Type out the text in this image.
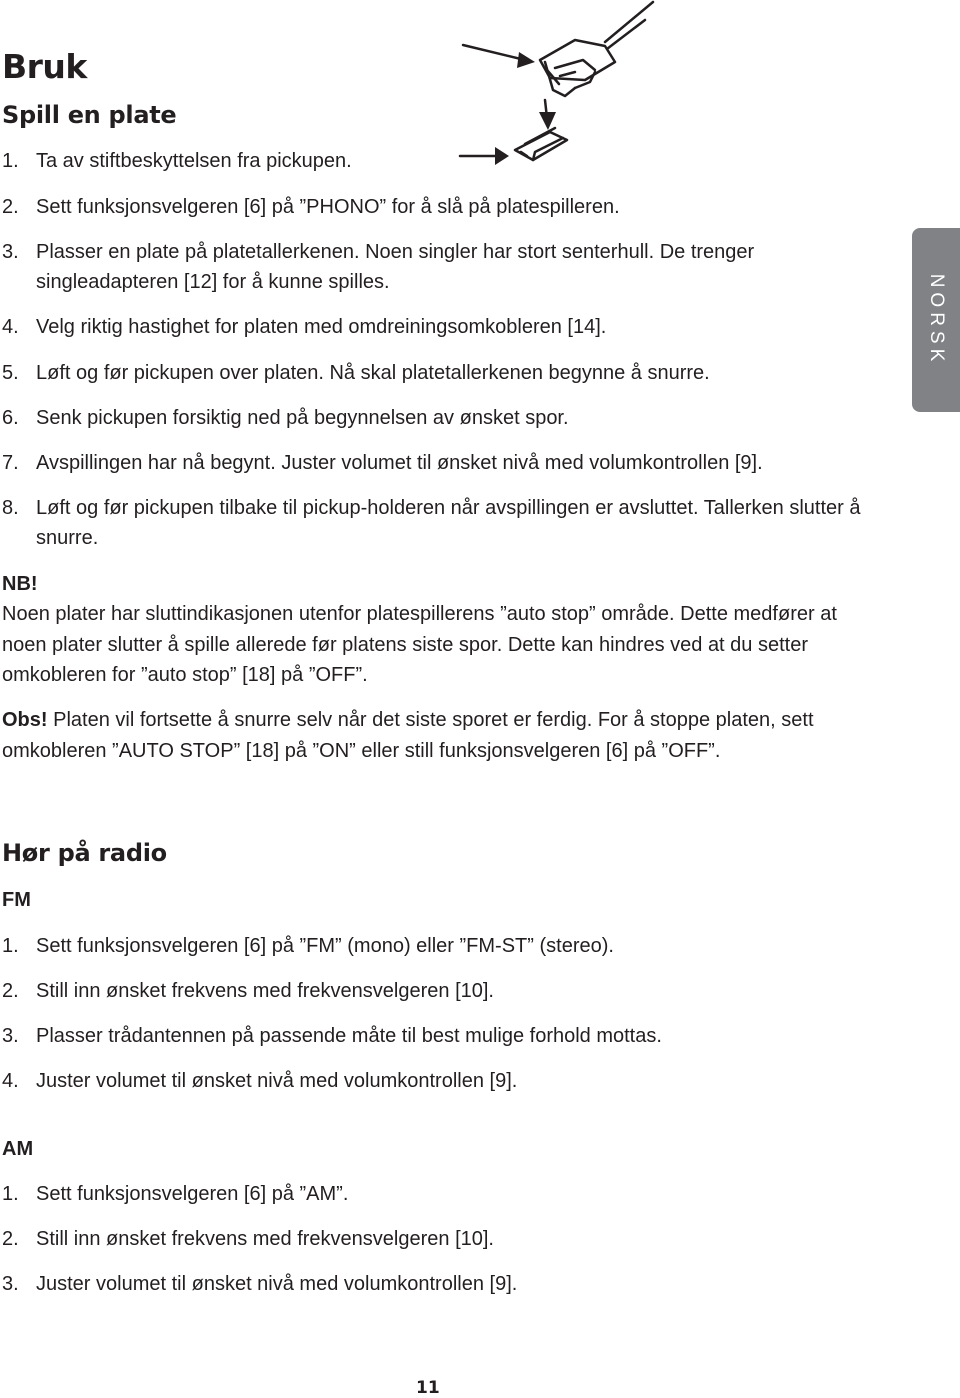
Bruk
Spill en plate
1. Ta av stiftbeskyttelsen fra pickupen.
2. Sett funksjonsvelgeren [6] på ”PHONO” for å slå på platespilleren.
3. Plasser en plate på platetallerkenen. Noen singler har stort senterhull. De trenger singleadapteren [12] for å kunne spilles.
4. Velg riktig hastighet for platen med omdreiningsomkobleren [14].
5. Løft og før pickupen over platen. Nå skal platetallerkenen begynne å snurre.
6. Senk pickupen forsiktig ned på begynnelsen av ønsket spor.
7. Avspillingen har nå begynt. Juster volumet til ønsket nivå med volumkontrollen [9].
8. Løft og før pickupen tilbake til pickup-holderen når avspillingen er avsluttet. Tallerken slutter å snurre.
NB!
Noen plater har sluttindikasjonen utenfor platespillerens ”auto stop” område. Dette medfører at noen plater slutter å spille allerede før platens siste spor. Dette kan hindres ved at du setter omkobleren for ”auto stop” [18] på ”OFF”.
Obs! Platen vil fortsette å snurre selv når det siste sporet er ferdig. For å stoppe platen, sett omkobleren ”AUTO STOP” [18] på ”ON” eller still funksjonsvelgeren [6] på ”OFF”.
Hør på radio
FM
1. Sett funksjonsvelgeren [6] på ”FM” (mono) eller ”FM-ST” (stereo).
2. Still inn ønsket frekvens med frekvensvelgeren [10].
3. Plasser trådantennen på passende måte til best mulige forhold mottas.
4. Juster volumet til ønsket nivå med volumkontrollen [9].
AM
1. Sett funksjonsvelgeren [6] på ”AM”.
2. Still inn ønsket frekvens med frekvensvelgeren [10].
3. Juster volumet til ønsket nivå med volumkontrollen [9].
NORSK
11
